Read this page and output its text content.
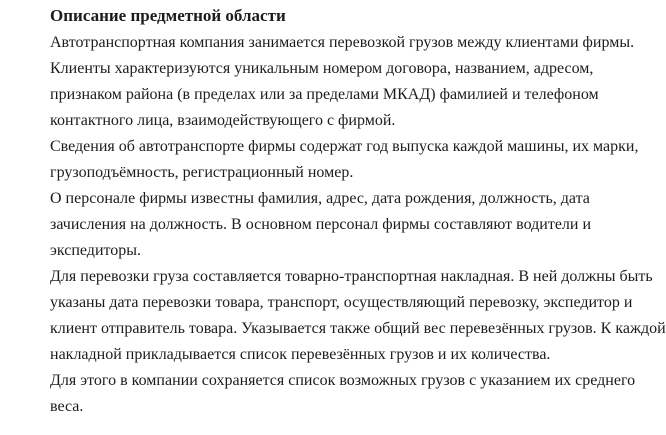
Описание предметной области
Автотранспортная компания занимается перевозкой грузов между клиентами фирмы.
Клиенты характеризуются уникальным номером договора, названием, адресом,
признаком района (в пределах или за пределами МКАД) фамилией и телефоном
контактного лица, взаимодействующего с фирмой.
Сведения об автотранспорте фирмы содержат год выпуска каждой машины, их марки,
грузоподъёмность, регистрационный номер.
О персонале фирмы известны фамилия, адрес, дата рождения, должность, дата
зачисления на должность. В основном персонал фирмы составляют водители и
экспедиторы.
Для перевозки груза составляется товарно-транспортная накладная. В ней должны быть
указаны дата перевозки товара, транспорт, осуществляющий перевозку, экспедитор и
клиент отправитель товара. Указывается также общий вес перевезённых грузов. К каждой
накладной прикладывается список перевезённых грузов и их количества.
Для этого в компании сохраняется список возможных грузов с указанием их среднего
веса.
